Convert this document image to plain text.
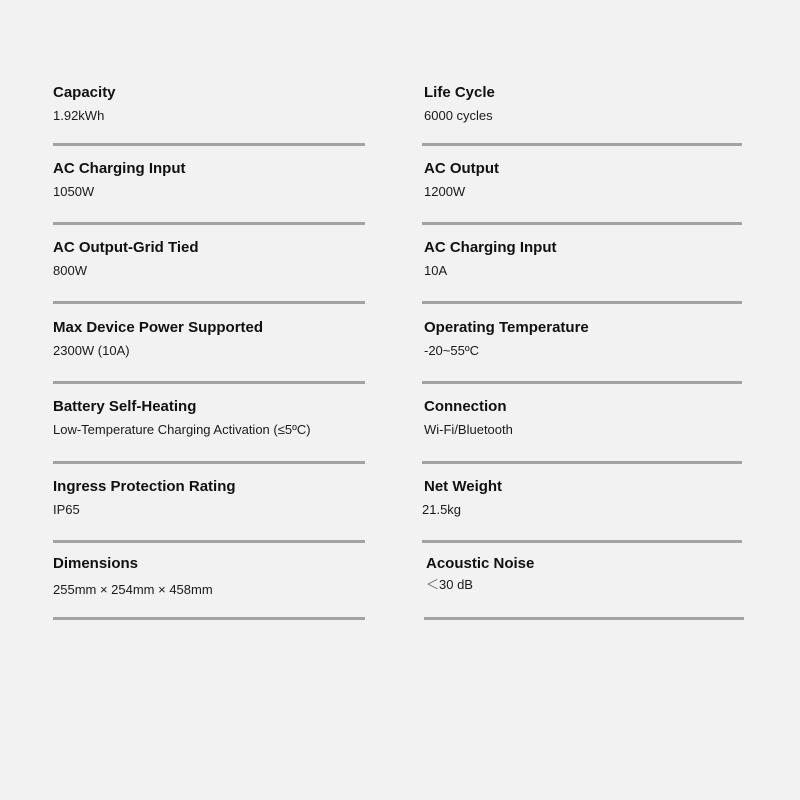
Capacity
1.92kWh
AC Charging Input
1050W
AC Output-Grid Tied
800W
Max Device Power Supported
2300W (10A)
Battery Self-Heating
Low-Temperature Charging Activation (≤5ºC)
Ingress Protection Rating
IP65
Dimensions
255mm × 254mm × 458mm
Life Cycle
6000 cycles
AC Output
1200W
AC Charging Input
10A
Operating Temperature
-20~55ºC
Connection
Wi-Fi/Bluetooth
Net Weight
21.5kg
Acoustic Noise
＜30 dB
